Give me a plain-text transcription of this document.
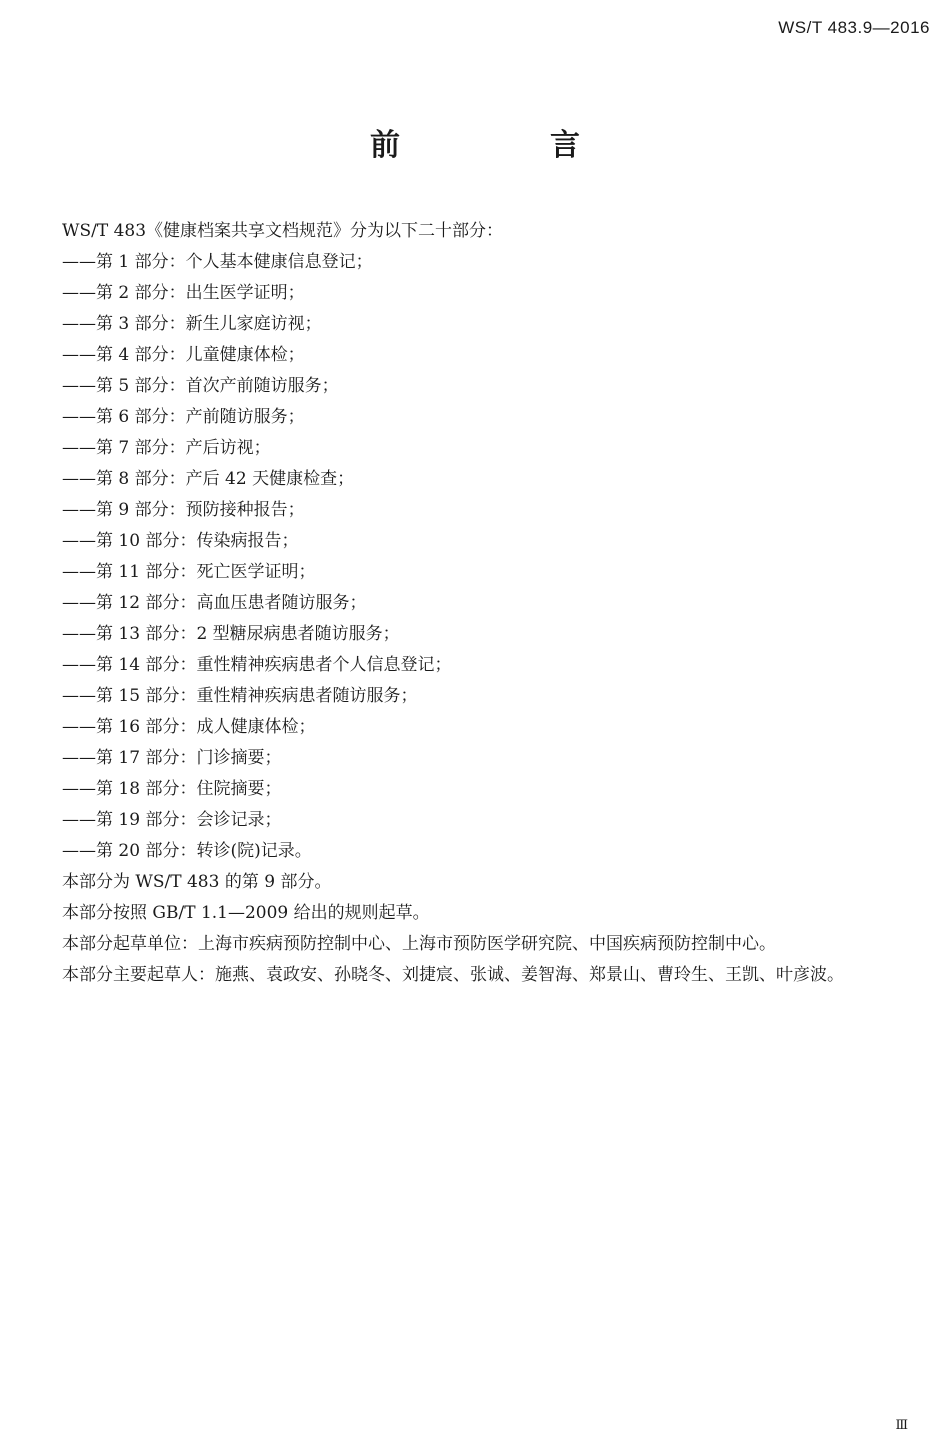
WS/T 483.9—2016
前　言
WS/T 483《健康档案共享文档规范》分为以下二十部分：
——第 1 部分：个人基本健康信息登记；
——第 2 部分：出生医学证明；
——第 3 部分：新生儿家庭访视；
——第 4 部分：儿童健康体检；
——第 5 部分：首次产前随访服务；
——第 6 部分：产前随访服务；
——第 7 部分：产后访视；
——第 8 部分：产后 42 天健康检查；
——第 9 部分：预防接种报告；
——第 10 部分：传染病报告；
——第 11 部分：死亡医学证明；
——第 12 部分：高血压患者随访服务；
——第 13 部分：2 型糖尿病患者随访服务；
——第 14 部分：重性精神疾病患者个人信息登记；
——第 15 部分：重性精神疾病患者随访服务；
——第 16 部分：成人健康体检；
——第 17 部分：门诊摘要；
——第 18 部分：住院摘要；
——第 19 部分：会诊记录；
——第 20 部分：转诊(院)记录。
本部分为 WS/T 483 的第 9 部分。
本部分按照 GB/T 1.1—2009 给出的规则起草。
本部分起草单位：上海市疾病预防控制中心、上海市预防医学研究院、中国疾病预防控制中心。
本部分主要起草人：施燕、袁政安、孙晓冬、刘捷宸、张诚、姜智海、郑景山、曹玲生、王凯、叶彦波。
Ⅲ
